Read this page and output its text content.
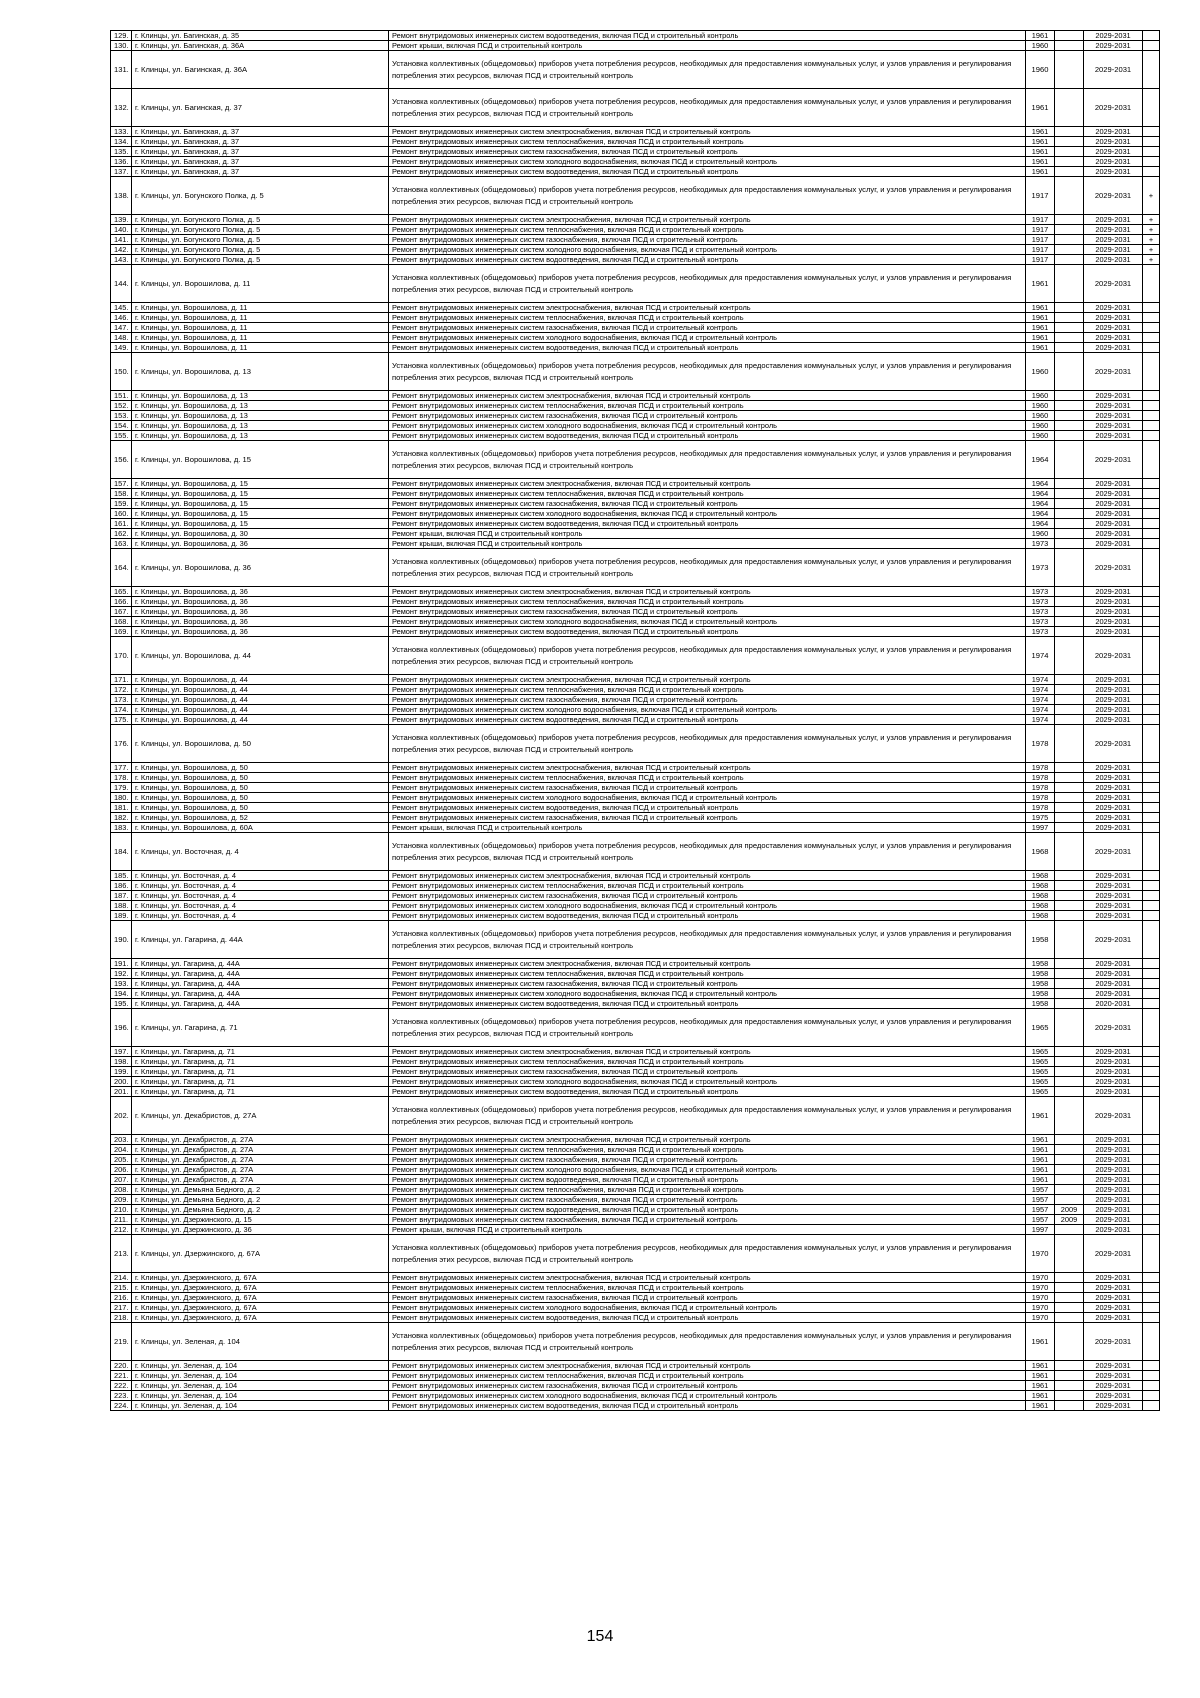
129.	г. Клинцы, ул. Багинская, д. 35	Ремонт внутридомовых инженерных систем водоотведения, включая ПСД и строительный контроль	1961		2029-2031	
130.	г. Клинцы, ул. Багинская, д. 36А	Ремонт крыши, включая ПСД и строительный контроль	1960		2029-2031	
131.	г. Клинцы, ул. Багинская, д. 36А	Установка коллективных (общедомовых) приборов учета потребления ресурсов, необходимых для предоставления коммунальных услуг, и узлов управления и регулирования потребления этих ресурсов, включая ПСД и строительный контроль	1960		2029-2031	
132.	г. Клинцы, ул. Багинская, д. 37	Установка коллективных (общедомовых) приборов учета потребления ресурсов, необходимых для предоставления коммунальных услуг, и узлов управления и регулирования потребления этих ресурсов, включая ПСД и строительный контроль	1961		2029-2031	
133.	г. Клинцы, ул. Багинская, д. 37	Ремонт внутридомовых инженерных систем электроснабжения, включая ПСД и строительный контроль	1961		2029-2031	
134.	г. Клинцы, ул. Багинская, д. 37	Ремонт внутридомовых инженерных систем теплоснабжения, включая ПСД и строительный контроль	1961		2029-2031	
135.	г. Клинцы, ул. Багинская, д. 37	Ремонт внутридомовых инженерных систем газоснабжения, включая ПСД и строительный контроль	1961		2029-2031	
136.	г. Клинцы, ул. Багинская, д. 37	Ремонт внутридомовых инженерных систем холодного водоснабжения, включая ПСД и строительный контроль	1961		2029-2031	
137.	г. Клинцы, ул. Багинская, д. 37	Ремонт внутридомовых инженерных систем водоотведения, включая ПСД и строительный контроль	1961		2029-2031	
138.	г. Клинцы, ул. Богунского Полка, д. 5	Установка коллективных (общедомовых) приборов учета потребления ресурсов, необходимых для предоставления коммунальных услуг, и узлов управления и регулирования потребления этих ресурсов, включая ПСД и строительный контроль	1917		2029-2031	+
139.	г. Клинцы, ул. Богунского Полка, д. 5	Ремонт внутридомовых инженерных систем электроснабжения, включая ПСД и строительный контроль	1917		2029-2031	+
140.	г. Клинцы, ул. Богунского Полка, д. 5	Ремонт внутридомовых инженерных систем теплоснабжения, включая ПСД и строительный контроль	1917		2029-2031	+
141.	г. Клинцы, ул. Богунского Полка, д. 5	Ремонт внутридомовых инженерных систем газоснабжения, включая ПСД и строительный контроль	1917		2029-2031	+
142.	г. Клинцы, ул. Богунского Полка, д. 5	Ремонт внутридомовых инженерных систем холодного водоснабжения, включая ПСД и строительный контроль	1917		2029-2031	+
143.	г. Клинцы, ул. Богунского Полка, д. 5	Ремонт внутридомовых инженерных систем водоотведения, включая ПСД и строительный контроль	1917		2029-2031	+
144.	г. Клинцы, ул. Ворошилова, д. 11	Установка коллективных (общедомовых) приборов учета потребления ресурсов, необходимых для предоставления коммунальных услуг, и узлов управления и регулирования потребления этих ресурсов, включая ПСД и строительный контроль	1961		2029-2031	
145.	г. Клинцы, ул. Ворошилова, д. 11	Ремонт внутридомовых инженерных систем электроснабжения, включая ПСД и строительный контроль	1961		2029-2031	
146.	г. Клинцы, ул. Ворошилова, д. 11	Ремонт внутридомовых инженерных систем теплоснабжения, включая ПСД и строительный контроль	1961		2029-2031	
147.	г. Клинцы, ул. Ворошилова, д. 11	Ремонт внутридомовых инженерных систем газоснабжения, включая ПСД и строительный контроль	1961		2029-2031	
148.	г. Клинцы, ул. Ворошилова, д. 11	Ремонт внутридомовых инженерных систем холодного водоснабжения, включая ПСД и строительный контроль	1961		2029-2031	
149.	г. Клинцы, ул. Ворошилова, д. 11	Ремонт внутридомовых инженерных систем водоотведения, включая ПСД и строительный контроль	1961		2029-2031	
150.	г. Клинцы, ул. Ворошилова, д. 13	Установка коллективных (общедомовых) приборов учета потребления ресурсов, необходимых для предоставления коммунальных услуг, и узлов управления и регулирования потребления этих ресурсов, включая ПСД и строительный контроль	1960		2029-2031	
151.	г. Клинцы, ул. Ворошилова, д. 13	Ремонт внутридомовых инженерных систем электроснабжения, включая ПСД и строительный контроль	1960		2029-2031	
152.	г. Клинцы, ул. Ворошилова, д. 13	Ремонт внутридомовых инженерных систем теплоснабжения, включая ПСД и строительный контроль	1960		2029-2031	
153.	г. Клинцы, ул. Ворошилова, д. 13	Ремонт внутридомовых инженерных систем газоснабжения, включая ПСД и строительный контроль	1960		2029-2031	
154.	г. Клинцы, ул. Ворошилова, д. 13	Ремонт внутридомовых инженерных систем холодного водоснабжения, включая ПСД и строительный контроль	1960		2029-2031	
155.	г. Клинцы, ул. Ворошилова, д. 13	Ремонт внутридомовых инженерных систем водоотведения, включая ПСД и строительный контроль	1960		2029-2031	
156.	г. Клинцы, ул. Ворошилова, д. 15	Установка коллективных (общедомовых) приборов учета потребления ресурсов, необходимых для предоставления коммунальных услуг, и узлов управления и регулирования потребления этих ресурсов, включая ПСД и строительный контроль	1964		2029-2031	
157.	г. Клинцы, ул. Ворошилова, д. 15	Ремонт внутридомовых инженерных систем электроснабжения, включая ПСД и строительный контроль	1964		2029-2031	
158.	г. Клинцы, ул. Ворошилова, д. 15	Ремонт внутридомовых инженерных систем теплоснабжения, включая ПСД и строительный контроль	1964		2029-2031	
159.	г. Клинцы, ул. Ворошилова, д. 15	Ремонт внутридомовых инженерных систем газоснабжения, включая ПСД и строительный контроль	1964		2029-2031	
160.	г. Клинцы, ул. Ворошилова, д. 15	Ремонт внутридомовых инженерных систем холодного водоснабжения, включая ПСД и строительный контроль	1964		2029-2031	
161.	г. Клинцы, ул. Ворошилова, д. 15	Ремонт внутридомовых инженерных систем водоотведения, включая ПСД и строительный контроль	1964		2029-2031	
162.	г. Клинцы, ул. Ворошилова, д. 30	Ремонт крыши, включая ПСД и строительный контроль	1960		2029-2031	
163.	г. Клинцы, ул. Ворошилова, д. 36	Ремонт крыши, включая ПСД и строительный контроль	1973		2029-2031	
164.	г. Клинцы, ул. Ворошилова, д. 36	Установка коллективных (общедомовых) приборов учета потребления ресурсов, необходимых для предоставления коммунальных услуг, и узлов управления и регулирования потребления этих ресурсов, включая ПСД и строительный контроль	1973		2029-2031	
165.	г. Клинцы, ул. Ворошилова, д. 36	Ремонт внутридомовых инженерных систем электроснабжения, включая ПСД и строительный контроль	1973		2029-2031	
166.	г. Клинцы, ул. Ворошилова, д. 36	Ремонт внутридомовых инженерных систем теплоснабжения, включая ПСД и строительный контроль	1973		2029-2031	
167.	г. Клинцы, ул. Ворошилова, д. 36	Ремонт внутридомовых инженерных систем газоснабжения, включая ПСД и строительный контроль	1973		2029-2031	
168.	г. Клинцы, ул. Ворошилова, д. 36	Ремонт внутридомовых инженерных систем холодного водоснабжения, включая ПСД и строительный контроль	1973		2029-2031	
169.	г. Клинцы, ул. Ворошилова, д. 36	Ремонт внутридомовых инженерных систем водоотведения, включая ПСД и строительный контроль	1973		2029-2031	
170.	г. Клинцы, ул. Ворошилова, д. 44	Установка коллективных (общедомовых) приборов учета потребления ресурсов, необходимых для предоставления коммунальных услуг, и узлов управления и регулирования потребления этих ресурсов, включая ПСД и строительный контроль	1974		2029-2031	
171.	г. Клинцы, ул. Ворошилова, д. 44	Ремонт внутридомовых инженерных систем электроснабжения, включая ПСД и строительный контроль	1974		2029-2031	
172.	г. Клинцы, ул. Ворошилова, д. 44	Ремонт внутридомовых инженерных систем теплоснабжения, включая ПСД и строительный контроль	1974		2029-2031	
173.	г. Клинцы, ул. Ворошилова, д. 44	Ремонт внутридомовых инженерных систем газоснабжения, включая ПСД и строительный контроль	1974		2029-2031	
174.	г. Клинцы, ул. Ворошилова, д. 44	Ремонт внутридомовых инженерных систем холодного водоснабжения, включая ПСД и строительный контроль	1974		2029-2031	
175.	г. Клинцы, ул. Ворошилова, д. 44	Ремонт внутридомовых инженерных систем водоотведения, включая ПСД и строительный контроль	1974		2029-2031	
176.	г. Клинцы, ул. Ворошилова, д. 50	Установка коллективных (общедомовых) приборов учета потребления ресурсов, необходимых для предоставления коммунальных услуг, и узлов управления и регулирования потребления этих ресурсов, включая ПСД и строительный контроль	1978		2029-2031	
177.	г. Клинцы, ул. Ворошилова, д. 50	Ремонт внутридомовых инженерных систем электроснабжения, включая ПСД и строительный контроль	1978		2029-2031	
178.	г. Клинцы, ул. Ворошилова, д. 50	Ремонт внутридомовых инженерных систем теплоснабжения, включая ПСД и строительный контроль	1978		2029-2031	
179.	г. Клинцы, ул. Ворошилова, д. 50	Ремонт внутридомовых инженерных систем газоснабжения, включая ПСД и строительный контроль	1978		2029-2031	
180.	г. Клинцы, ул. Ворошилова, д. 50	Ремонт внутридомовых инженерных систем холодного водоснабжения, включая ПСД и строительный контроль	1978		2029-2031	
181.	г. Клинцы, ул. Ворошилова, д. 50	Ремонт внутридомовых инженерных систем водоотведения, включая ПСД и строительный контроль	1978		2029-2031	
182.	г. Клинцы, ул. Ворошилова, д. 52	Ремонт внутридомовых инженерных систем газоснабжения, включая ПСД и строительный контроль	1975		2029-2031	
183.	г. Клинцы, ул. Ворошилова, д. 60А	Ремонт крыши, включая ПСД и строительный контроль	1997		2029-2031	
184.	г. Клинцы, ул. Восточная, д. 4	Установка коллективных (общедомовых) приборов учета потребления ресурсов, необходимых для предоставления коммунальных услуг, и узлов управления и регулирования потребления этих ресурсов, включая ПСД и строительный контроль	1968		2029-2031	
185.	г. Клинцы, ул. Восточная, д. 4	Ремонт внутридомовых инженерных систем электроснабжения, включая ПСД и строительный контроль	1968		2029-2031	
186.	г. Клинцы, ул. Восточная, д. 4	Ремонт внутридомовых инженерных систем теплоснабжения, включая ПСД и строительный контроль	1968		2029-2031	
187.	г. Клинцы, ул. Восточная, д. 4	Ремонт внутридомовых инженерных систем газоснабжения, включая ПСД и строительный контроль	1968		2029-2031	
188.	г. Клинцы, ул. Восточная, д. 4	Ремонт внутридомовых инженерных систем холодного водоснабжения, включая ПСД и строительный контроль	1968		2029-2031	
189.	г. Клинцы, ул. Восточная, д. 4	Ремонт внутридомовых инженерных систем водоотведения, включая ПСД и строительный контроль	1968		2029-2031	
190.	г. Клинцы, ул. Гагарина, д. 44А	Установка коллективных (общедомовых) приборов учета потребления ресурсов, необходимых для предоставления коммунальных услуг, и узлов управления и регулирования потребления этих ресурсов, включая ПСД и строительный контроль	1958		2029-2031	
191.	г. Клинцы, ул. Гагарина, д. 44А	Ремонт внутридомовых инженерных систем электроснабжения, включая ПСД и строительный контроль	1958		2029-2031	
192.	г. Клинцы, ул. Гагарина, д. 44А	Ремонт внутридомовых инженерных систем теплоснабжения, включая ПСД и строительный контроль	1958		2029-2031	
193.	г. Клинцы, ул. Гагарина, д. 44А	Ремонт внутридомовых инженерных систем газоснабжения, включая ПСД и строительный контроль	1958		2029-2031	
194.	г. Клинцы, ул. Гагарина, д. 44А	Ремонт внутридомовых инженерных систем холодного водоснабжения, включая ПСД и строительный контроль	1958		2029-2031	
195.	г. Клинцы, ул. Гагарина, д. 44А	Ремонт внутридомовых инженерных систем водоотведения, включая ПСД и строительный контроль	1958		2020-2031	
196.	г. Клинцы, ул. Гагарина, д. 71	Установка коллективных (общедомовых) приборов учета потребления ресурсов, необходимых для предоставления коммунальных услуг, и узлов управления и регулирования потребления этих ресурсов, включая ПСД и строительный контроль	1965		2029-2031	
197.	г. Клинцы, ул. Гагарина, д. 71	Ремонт внутридомовых инженерных систем электроснабжения, включая ПСД и строительный контроль	1965		2029-2031	
198.	г. Клинцы, ул. Гагарина, д. 71	Ремонт внутридомовых инженерных систем теплоснабжения, включая ПСД и строительный контроль	1965		2029-2031	
199.	г. Клинцы, ул. Гагарина, д. 71	Ремонт внутридомовых инженерных систем газоснабжения, включая ПСД и строительный контроль	1965		2029-2031	
200.	г. Клинцы, ул. Гагарина, д. 71	Ремонт внутридомовых инженерных систем холодного водоснабжения, включая ПСД и строительный контроль	1965		2029-2031	
201.	г. Клинцы, ул. Гагарина, д. 71	Ремонт внутридомовых инженерных систем водоотведения, включая ПСД и строительный контроль	1965		2029-2031	
202.	г. Клинцы, ул. Декабристов, д. 27А	Установка коллективных (общедомовых) приборов учета потребления ресурсов, необходимых для предоставления коммунальных услуг, и узлов управления и регулирования потребления этих ресурсов, включая ПСД и строительный контроль	1961		2029-2031	
203.	г. Клинцы, ул. Декабристов, д. 27А	Ремонт внутридомовых инженерных систем электроснабжения, включая ПСД и строительный контроль	1961		2029-2031	
204.	г. Клинцы, ул. Декабристов, д. 27А	Ремонт внутридомовых инженерных систем теплоснабжения, включая ПСД и строительный контроль	1961		2029-2031	
205.	г. Клинцы, ул. Декабристов, д. 27А	Ремонт внутридомовых инженерных систем газоснабжения, включая ПСД и строительный контроль	1961		2029-2031	
206.	г. Клинцы, ул. Декабристов, д. 27А	Ремонт внутридомовых инженерных систем холодного водоснабжения, включая ПСД и строительный контроль	1961		2029-2031	
207.	г. Клинцы, ул. Декабристов, д. 27А	Ремонт внутридомовых инженерных систем водоотведения, включая ПСД и строительный контроль	1961		2029-2031	
208.	г. Клинцы, ул. Демьяна Бедного, д. 2	Ремонт внутридомовых инженерных систем теплоснабжения, включая ПСД и строительный контроль	1957		2029-2031	
209.	г. Клинцы, ул. Демьяна Бедного, д. 2	Ремонт внутридомовых инженерных систем газоснабжения, включая ПСД и строительный контроль	1957		2029-2031	
210.	г. Клинцы, ул. Демьяна Бедного, д. 2	Ремонт внутридомовых инженерных систем водоотведения, включая ПСД и строительный контроль	1957	2009	2029-2031	
211.	г. Клинцы, ул. Дзержинского, д. 15	Ремонт внутридомовых инженерных систем газоснабжения, включая ПСД и строительный контроль	1957	2009	2029-2031	
212.	г. Клинцы, ул. Дзержинского, д. 36	Ремонт крыши, включая ПСД и строительный контроль	1997		2029-2031	
213.	г. Клинцы, ул. Дзержинского, д. 67А	Установка коллективных (общедомовых) приборов учета потребления ресурсов, необходимых для предоставления коммунальных услуг, и узлов управления и регулирования потребления этих ресурсов, включая ПСД и строительный контроль	1970		2029-2031	
214.	г. Клинцы, ул. Дзержинского, д. 67А	Ремонт внутридомовых инженерных систем электроснабжения, включая ПСД и строительный контроль	1970		2029-2031	
215.	г. Клинцы, ул. Дзержинского, д. 67А	Ремонт внутридомовых инженерных систем теплоснабжения, включая ПСД и строительный контроль	1970		2029-2031	
216.	г. Клинцы, ул. Дзержинского, д. 67А	Ремонт внутридомовых инженерных систем газоснабжения, включая ПСД и строительный контроль	1970		2029-2031	
217.	г. Клинцы, ул. Дзержинского, д. 67А	Ремонт внутридомовых инженерных систем холодного водоснабжения, включая ПСД и строительный контроль	1970		2029-2031	
218.	г. Клинцы, ул. Дзержинского, д. 67А	Ремонт внутридомовых инженерных систем водоотведения, включая ПСД и строительный контроль	1970		2029-2031	
219.	г. Клинцы, ул. Зеленая, д. 104	Установка коллективных (общедомовых) приборов учета потребления ресурсов, необходимых для предоставления коммунальных услуг, и узлов управления и регулирования потребления этих ресурсов, включая ПСД и строительный контроль	1961		2029-2031	
220.	г. Клинцы, ул. Зеленая, д. 104	Ремонт внутридомовых инженерных систем электроснабжения, включая ПСД и строительный контроль	1961		2029-2031	
221.	г. Клинцы, ул. Зеленая, д. 104	Ремонт внутридомовых инженерных систем теплоснабжения, включая ПСД и строительный контроль	1961		2029-2031	
222.	г. Клинцы, ул. Зеленая, д. 104	Ремонт внутридомовых инженерных систем газоснабжения, включая ПСД и строительный контроль	1961		2029-2031	
223.	г. Клинцы, ул. Зеленая, д. 104	Ремонт внутридомовых инженерных систем холодного водоснабжения, включая ПСД и строительный контроль	1961		2029-2031	
224.	г. Клинцы, ул. Зеленая, д. 104	Ремонт внутридомовых инженерных систем водоотведения, включая ПСД и строительный контроль	1961		2029-2031	
154
